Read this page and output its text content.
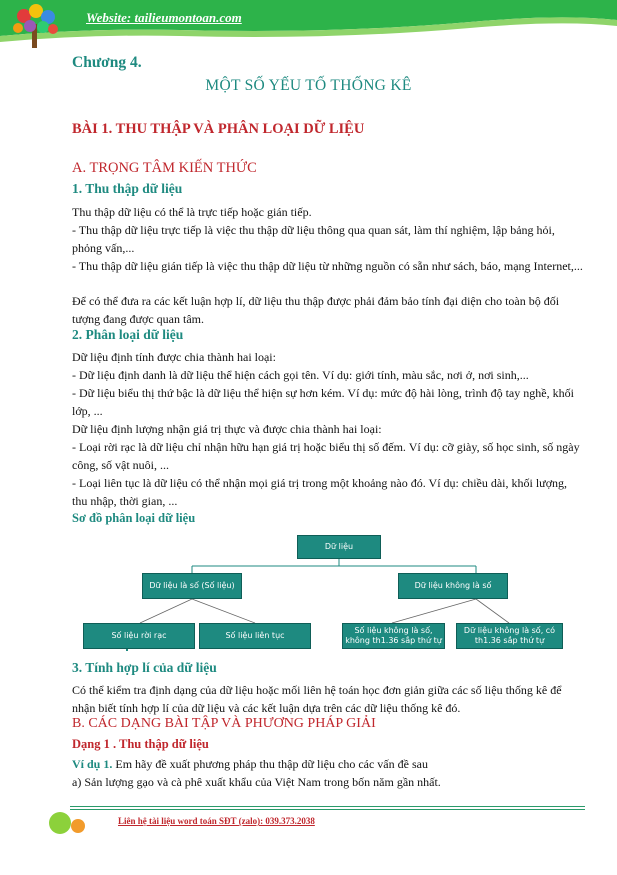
Website: tailieumontoan.com
Chương 4.
MỘT SỐ YẾU TỐ THỐNG KÊ
BÀI 1. THU THẬP VÀ PHÂN LOẠI DỮ LIỆU
A. TRỌNG TÂM KIẾN THỨC
1. Thu thập dữ liệu
Thu thập dữ liệu có thể là trực tiếp hoặc gián tiếp.
- Thu thập dữ liệu trực tiếp là việc thu thập dữ liệu thông qua quan sát, làm thí nghiệm, lập bảng hỏi, phỏng vấn,...
- Thu thập dữ liệu gián tiếp là việc thu thập dữ liệu từ những nguồn có sẵn như sách, báo, mạng Internet,...
Để có thể đưa ra các kết luận hợp lí, dữ liệu thu thập được phải đảm bảo tính đại diện cho toàn bộ đối tượng đang được quan tâm.
2. Phân loại dữ liệu
Dữ liệu định tính được chia thành hai loại:
- Dữ liệu định danh là dữ liệu thể hiện cách gọi tên. Ví dụ: giới tính, màu sắc, nơi ở, nơi sinh,...
- Dữ liệu biểu thị thứ bậc là dữ liệu thể hiện sự hơn kém. Ví dụ: mức độ hài lòng, trình độ tay nghề, khối lớp, ...
Dữ liệu định lượng nhận giá trị thực và được chia thành hai loại:
- Loại rời rạc là dữ liệu chỉ nhận hữu hạn giá trị hoặc biểu thị số đếm. Ví dụ: cỡ giày, số học sinh, số ngày công, số vật nuôi, ...
- Loại liên tục là dữ liệu có thể nhận mọi giá trị trong một khoảng nào đó. Ví dụ: chiều dài, khối lượng, thu nhập, thời gian, ...
Sơ đồ phân loại dữ liệu
Dữ liệu
Dữ liệu là số (Số liệu)	Dữ liệu không là số
Số liệu rời rạc	Số liệu liên tục
Số liệu không là số, không th1.36 sắp thứ tự
Dữ liệu không là số, có th1.36 sắp thứ tự
3. Tính hợp lí của dữ liệu
Có thể kiểm tra định dạng của dữ liệu hoặc mối liên hệ toán học đơn giản giữa các số liệu thống kê để nhận biết tính hợp lí của dữ liệu và các kết luận dựa trên các dữ liệu thống kê đó.
B. CÁC DẠNG BÀI TẬP VÀ PHƯƠNG PHÁP GIẢI
Dạng 1 . Thu thập dữ liệu
Ví dụ 1. Em hãy đề xuất phương pháp thu thập dữ liệu cho các vấn đề sau
a) Sản lượng gạo và cà phê xuất khẩu của Việt Nam trong bốn năm gần nhất.
Liên hệ tài liệu word toán SĐT (zalo): 039.373.2038
